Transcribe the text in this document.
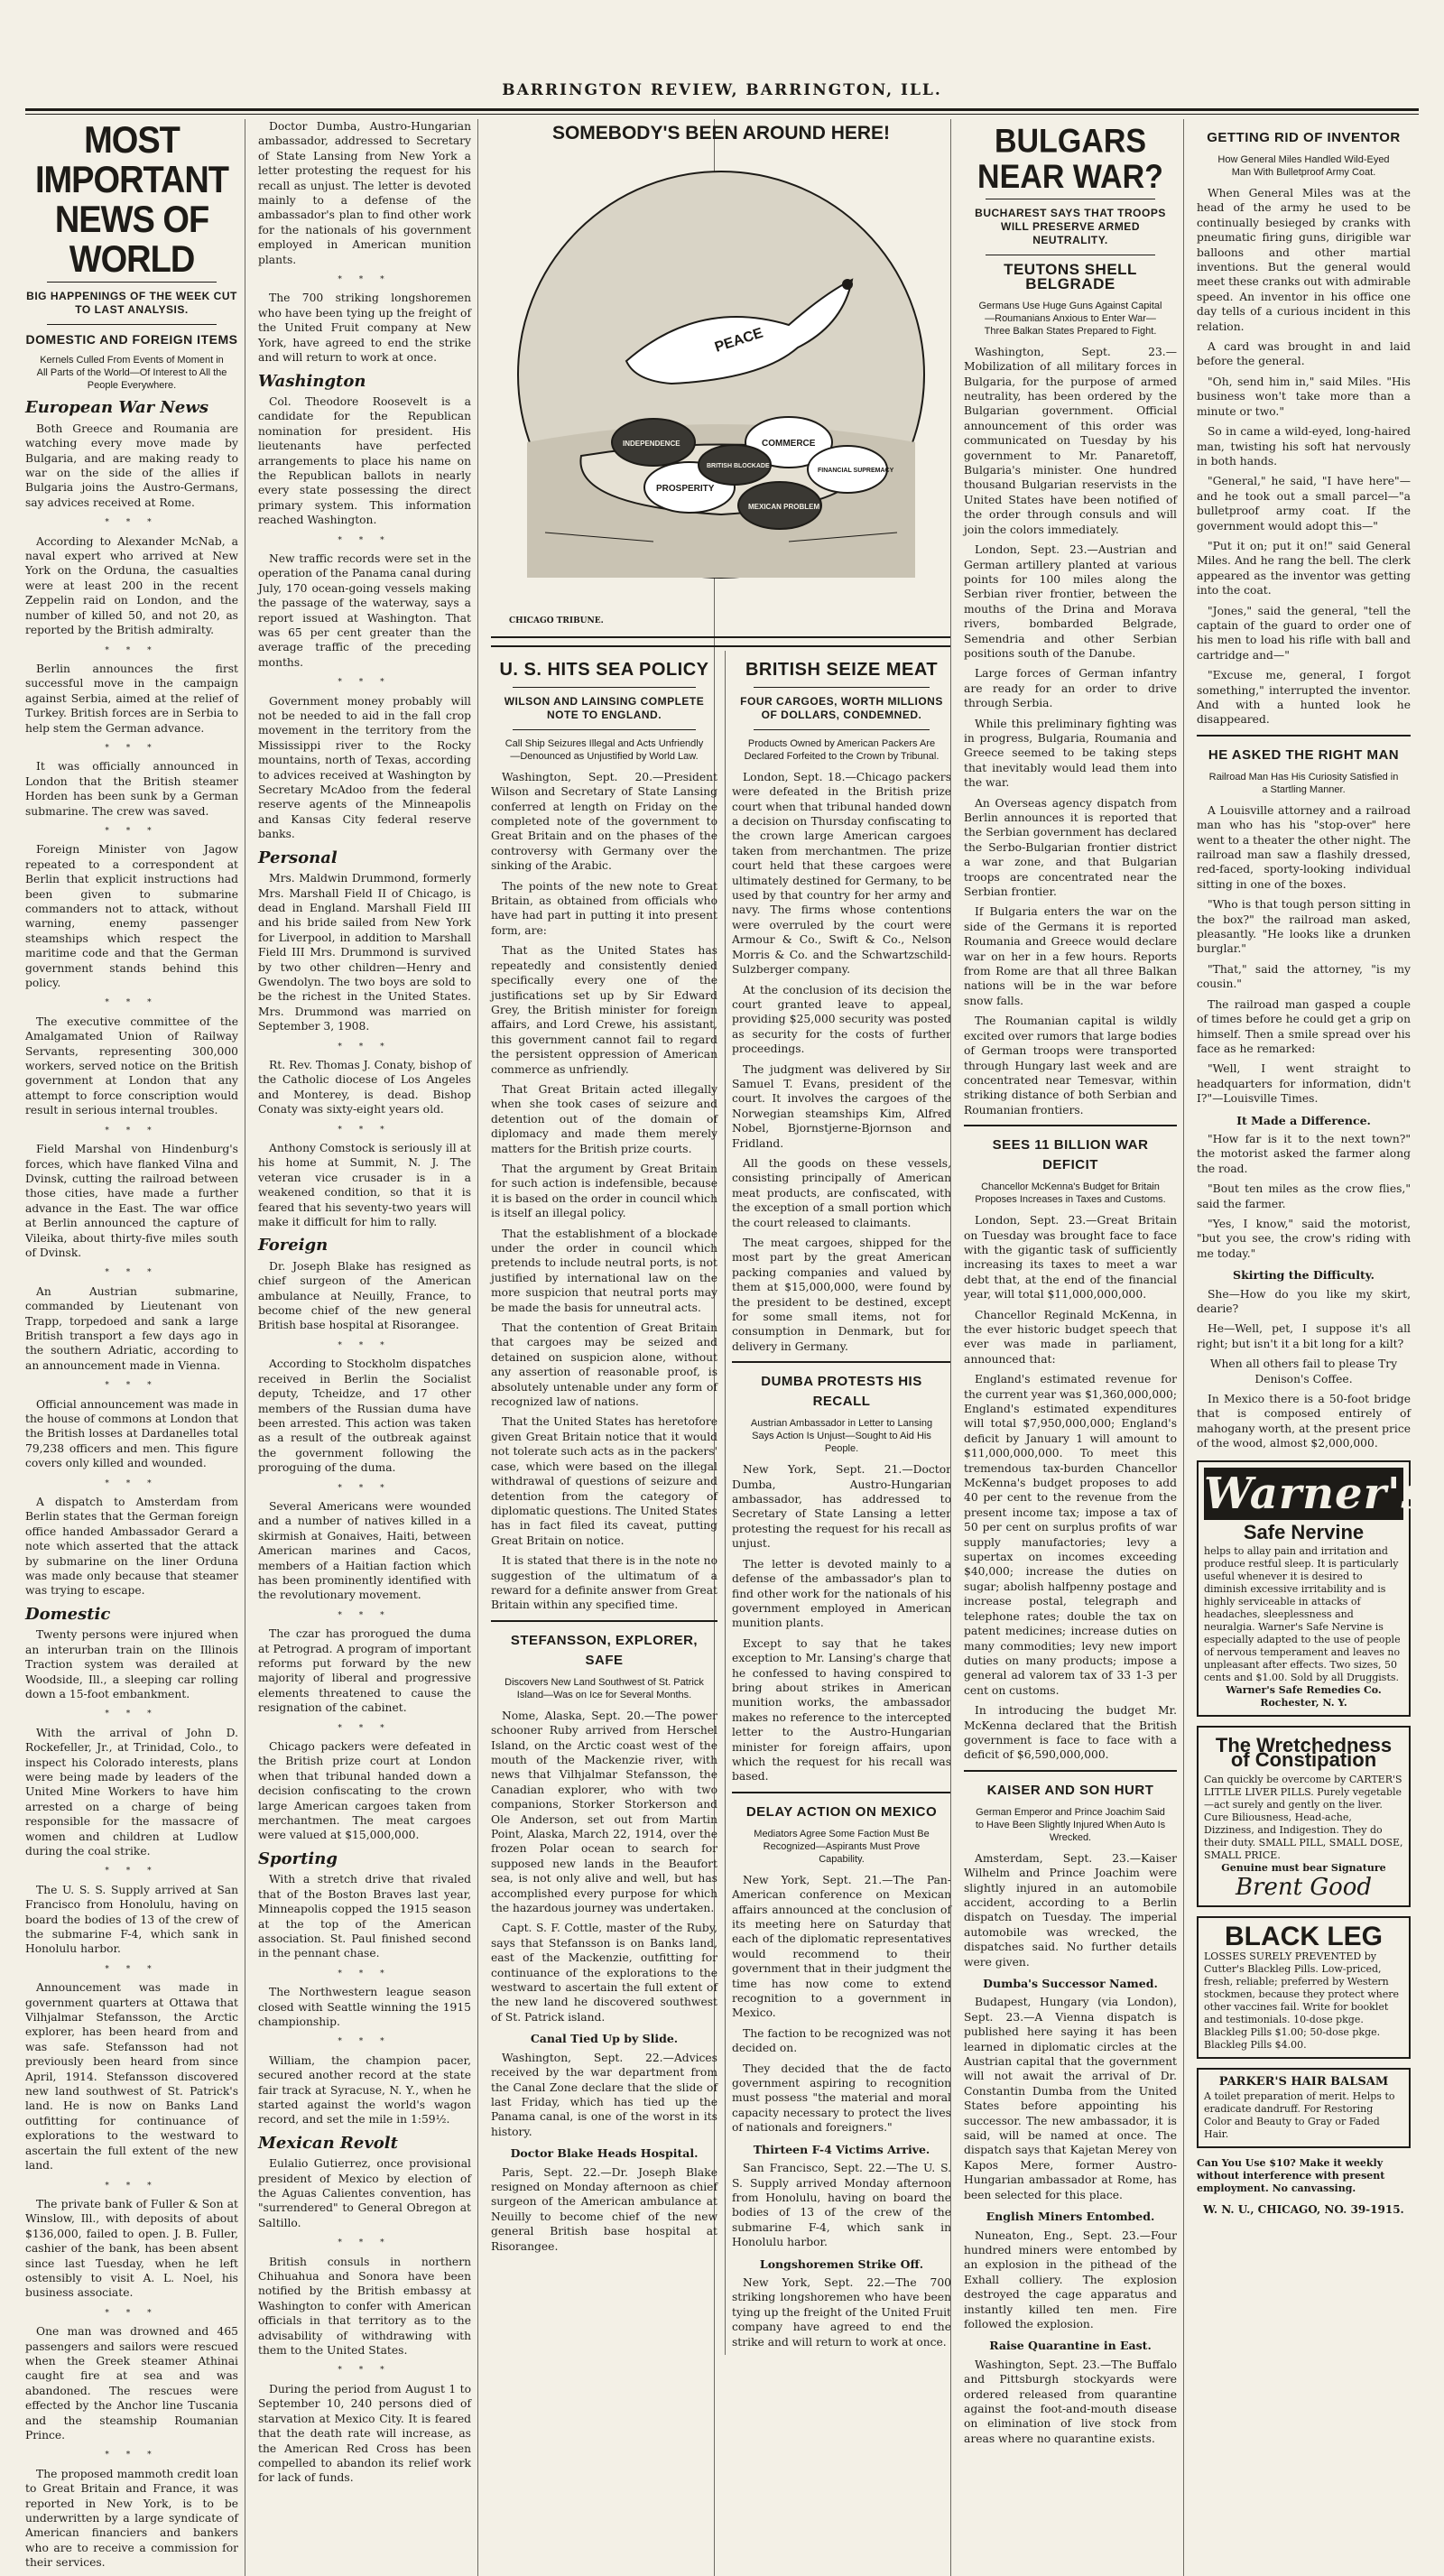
BARRINGTON REVIEW, BARRINGTON, ILL.
MOST IMPORTANT NEWS OF WORLD
BIG HAPPENINGS OF THE WEEK CUT TO LAST ANALYSIS.
DOMESTIC AND FOREIGN ITEMS
Kernels Culled From Events of Moment in All Parts of the World—Of Interest to All the People Everywhere.
European War News

Both Greece and Roumania are watching every move made by Bulgaria, and are making ready to war on the side of the allies if Bulgaria joins the Austro-Germans, say advices received at Rome.

* * *

According to Alexander McNab, a naval expert who arrived at New York on the Orduna, the casualties were at least 200 in the recent Zeppelin raid on London, and the number of killed 50, and not 20, as reported by the British admiralty.

* * *

Berlin announces the first successful move in the campaign against Serbia, aimed at the relief of Turkey. British forces are in Serbia to help stem the German advance.

* * *

It was officially announced in London that the British steamer Horden has been sunk by a German submarine. The crew was saved.

* * *

Foreign Minister von Jagow repeated to a correspondent at Berlin that explicit instructions had been given to submarine commanders not to attack, without warning, enemy passenger steamships which respect the maritime code and that the German government stands behind this policy.

* * *

The executive committee of the Amalgamated Union of Railway Servants, representing 300,000 workers, served notice on the British government at London that any attempt to force conscription would result in serious internal troubles.

* * *

Field Marshal von Hindenburg's forces, which have flanked Vilna and Dvinsk, cutting the railroad between those cities, have made a further advance in the East. The war office at Berlin announced the capture of Vileika, about thirty-five miles south of Dvinsk.

* * *

An Austrian submarine, commanded by Lieutenant von Trapp, torpedoed and sank a large British transport a few days ago in the southern Adriatic, according to an announcement made in Vienna.

* * *

Official announcement was made in the house of commons at London that the British losses at Dardanelles total 79,238 officers and men. This figure covers only killed and wounded.

* * *

A dispatch to Amsterdam from Berlin states that the German foreign office handed Ambassador Gerard a note which asserted that the attack by submarine on the liner Orduna was made only because that steamer was trying to escape.

Domestic

Twenty persons were injured when an interurban train on the Illinois Traction system was derailed at Woodside, Ill., a sleeping car rolling down a 15-foot embankment.

* * *

With the arrival of John D. Rockefeller, Jr., at Trinidad, Colo., to inspect his Colorado interests, plans were being made by leaders of the United Mine Workers to have him arrested on a charge of being responsible for the massacre of women and children at Ludlow during the coal strike.

* * *

The U. S. S. Supply arrived at San Francisco from Honolulu, having on board the bodies of 13 of the crew of the submarine F-4, which sank in Honolulu harbor.

* * *

Announcement was made in government quarters at Ottawa that Vilhjalmar Stefansson, the Arctic explorer, has been heard from and was safe. Stefansson had not previously been heard from since April, 1914. Stefansson discovered new land southwest of St. Patrick's land. He is now on Banks Land outfitting for continuance of explorations to the westward to ascertain the full extent of the new land.

* * *

The private bank of Fuller & Son at Winslow, Ill., with deposits of about $136,000, failed to open. J. B. Fuller, cashier of the bank, has been absent since last Tuesday, when he left ostensibly to visit A. L. Noel, his business associate.

* * *

One man was drowned and 465 passengers and sailors were rescued when the Greek steamer Athinai caught fire at sea and was abandoned. The rescues were effected by the Anchor line Tuscania and the steamship Roumanian Prince.

* * *

The proposed mammoth credit loan to Great Britain and France, it was reported in New York, is to be underwritten by a large syndicate of American financiers and bankers who are to receive a commission for their services.

Doctor Dumba, Austro-Hungarian ambassador, addressed to Secretary of State Lansing from New York a letter protesting the request for his recall as unjust. The letter is devoted mainly to a defense of the ambassador's plan to find other work for the nationals of his government employed in American munition plants.

* * *

The 700 striking longshoremen who have been tying up the freight of the United Fruit company at New York, have agreed to end the strike and will return to work at once.

Washington

Col. Theodore Roosevelt is a candidate for the Republican nomination for president. His lieutenants have perfected arrangements to place his name on the Republican ballots in nearly every state possessing the direct primary system. This information reached Washington.

* * *

New traffic records were set in the operation of the Panama canal during July, 170 ocean-going vessels making the passage of the waterway, says a report issued at Washington. That was 65 per cent greater than the average traffic of the preceding months.

* * *

Government money probably will not be needed to aid in the fall crop movement in the territory from the Mississippi river to the Rocky mountains, north of Texas, according to advices received at Washington by Secretary McAdoo from the federal reserve agents of the Minneapolis and Kansas City federal reserve banks.

Personal

Mrs. Maldwin Drummond, formerly Mrs. Marshall Field II of Chicago, is dead in England. Marshall Field III and his bride sailed from New York for Liverpool, in addition to Marshall Field III Mrs. Drummond is survived by two other children—Henry and Gwendolyn. The two boys are sold to be the richest in the United States. Mrs. Drummond was married on September 3, 1908.

* * *

Rt. Rev. Thomas J. Conaty, bishop of the Catholic diocese of Los Angeles and Monterey, is dead. Bishop Conaty was sixty-eight years old.

* * *

Anthony Comstock is seriously ill at his home at Summit, N. J. The veteran vice crusader is in a weakened condition, so that it is feared that his seventy-two years will make it difficult for him to rally.

Foreign

Dr. Joseph Blake has resigned as chief surgeon of the American ambulance at Neuilly, France, to become chief of the new general British base hospital at Risorangee.

* * *

According to Stockholm dispatches received in Berlin the Socialist deputy, Tcheidze, and 17 other members of the Russian duma have been arrested. This action was taken as a result of the outbreak against the government following the proroguing of the duma.

* * *

Several Americans were wounded and a number of natives killed in a skirmish at Gonaives, Haiti, between American marines and Cacos, members of a Haitian faction which has been prominently identified with the revolutionary movement.

* * *

The czar has prorogued the duma at Petrograd. A program of important reforms put forward by the new majority of liberal and progressive elements threatened to cause the resignation of the cabinet.

* * *

Chicago packers were defeated in the British prize court at London when that tribunal handed down a decision confiscating to the crown large American cargoes taken from merchantmen. The meat cargoes were valued at $15,000,000.

Sporting

With a stretch drive that rivaled that of the Boston Braves last year, Minneapolis copped the 1915 season at the top of the American association. St. Paul finished second in the pennant chase.

* * *

The Northwestern league season closed with Seattle winning the 1915 championship.

* * *

William, the champion pacer, secured another record at the state fair track at Syracuse, N. Y., when he started against the world's wagon record, and set the mile in 1:59½.

Mexican Revolt

Eulalio Gutierrez, once provisional president of Mexico by election of the Aguas Calientes convention, has "surrendered" to General Obregon at Saltillo.

* * *

British consuls in northern Chihuahua and Sonora have been notified by the British embassy at Washington to confer with American officials in that territory as to the advisability of withdrawing with them to the United States.

* * *

During the period from August 1 to September 10, 240 persons died of starvation at Mexico City. It is feared that the death rate will increase, as the American Red Cross has been compelled to abandon its relief work for lack of funds.

SOMEBODY'S BEEN AROUND HERE!
PEACE
COMMERCE
FINANCIAL SUPREMACY
PROSPERITY
INDEPENDENCE
MEXICAN PROBLEM
BRITISH BLOCKADE
CHICAGO TRIBUNE.
U. S. HITS SEA POLICY
WILSON AND LAINSING COMPLETE NOTE TO ENGLAND.
Call Ship Seizures Illegal and Acts Unfriendly—Denounced as Unjustified by World Law.

Washington, Sept. 20.—President Wilson and Secretary of State Lansing conferred at length on Friday on the completed note of the government to Great Britain and on the phases of the controversy with Germany over the sinking of the Arabic.

The points of the new note to Great Britain, as obtained from officials who have had part in putting it into present form, are:

That as the United States has repeatedly and consistently denied specifically every one of the justifications set up by Sir Edward Grey, the British minister for foreign affairs, and Lord Crewe, his assistant, this government cannot fail to regard the persistent oppression of American commerce as unfriendly.

That Great Britain acted illegally when she took cases of seizure and detention out of the domain of diplomacy and made them merely matters for the British prize courts.

That the argument by Great Britain for such action is indefensible, because it is based on the order in council which is itself an illegal policy.

That the establishment of a blockade under the order in council which pretends to include neutral ports, is not justified by international law on the more suspicion that neutral ports may be made the basis for unneutral acts.

That the contention of Great Britain that cargoes may be seized and detained on suspicion alone, without any assertion of reasonable proof, is absolutely untenable under any form of recognized law of nations.

That the United States has heretofore given Great Britain notice that it would not tolerate such acts as in the packers' case, which were based on the illegal withdrawal of questions of seizure and detention from the category of diplomatic questions. The United States has in fact filed its caveat, putting Great Britain on notice.

It is stated that there is in the note no suggestion of the ultimatum of a reward for a definite answer from Great Britain within any specified time.

STEFANSSON, EXPLORER, SAFE
Discovers New Land Southwest of St. Patrick Island—Was on Ice for Several Months.

Nome, Alaska, Sept. 20.—The power schooner Ruby arrived from Herschel Island, on the Arctic coast west of the mouth of the Mackenzie river, with news that Vilhjalmar Stefansson, the Canadian explorer, who with two companions, Storker Storkerson and Ole Anderson, set out from Martin Point, Alaska, March 22, 1914, over the frozen Polar ocean to search for supposed new lands in the Beaufort sea, is not only alive and well, but has accomplished every purpose for which the hazardous journey was undertaken.

Capt. S. F. Cottle, master of the Ruby, says that Stefansson is on Banks land, east of the Mackenzie, outfitting for continuance of the explorations to the westward to ascertain the full extent of the new land he discovered southwest of St. Patrick island.

Canal Tied Up by Slide.

Washington, Sept. 22.—Advices received by the war department from the Canal Zone declare that the slide of last Friday, which has tied up the Panama canal, is one of the worst in its history.

Doctor Blake Heads Hospital.

Paris, Sept. 22.—Dr. Joseph Blake resigned on Monday afternoon as chief surgeon of the American ambulance at Neuilly to become chief of the new general British base hospital at Risorangee.

BRITISH SEIZE MEAT
FOUR CARGOES, WORTH MILLIONS OF DOLLARS, CONDEMNED.
Products Owned by American Packers Are Declared Forfeited to the Crown by Tribunal.

London, Sept. 18.—Chicago packers were defeated in the British prize court when that tribunal handed down a decision on Thursday confiscating to the crown large American cargoes taken from merchantmen. The prize court held that these cargoes were ultimately destined for Germany, to be used by that country for her army and navy. The firms whose contentions were overruled by the court were Armour & Co., Swift & Co., Nelson Morris & Co. and the Schwartzschild-Sulzberger company.

At the conclusion of its decision the court granted leave to appeal, providing $25,000 security was posted as security for the costs of further proceedings.

The judgment was delivered by Sir Samuel T. Evans, president of the court. It involves the cargoes of the Norwegian steamships Kim, Alfred Nobel, Bjornstjerne-Bjornson and Fridland.

All the goods on these vessels, consisting principally of American meat products, are confiscated, with the exception of a small portion which the court released to claimants.

The meat cargoes, shipped for the most part by the great American packing companies and valued by them at $15,000,000, were found by the president to be destined, except for some small items, not for consumption in Denmark, but for delivery in Germany.

DUMBA PROTESTS HIS RECALL
Austrian Ambassador in Letter to Lansing Says Action Is Unjust—Sought to Aid His People.

New York, Sept. 21.—Doctor Dumba, Austro-Hungarian ambassador, has addressed to Secretary of State Lansing a letter protesting the request for his recall as unjust.

The letter is devoted mainly to a defense of the ambassador's plan to find other work for the nationals of his government employed in American munition plants.

Except to say that he takes exception to Mr. Lansing's charge that he confessed to having conspired to bring about strikes in American munition works, the ambassador makes no reference to the intercepted letter to the Austro-Hungarian minister for foreign affairs, upon which the request for his recall was based.

DELAY ACTION ON MEXICO
Mediators Agree Some Faction Must Be Recognized—Aspirants Must Prove Capability.

New York, Sept. 21.—The Pan-American conference on Mexican affairs announced at the conclusion of its meeting here on Saturday that each of the diplomatic representatives would recommend to their government that in their judgment the time has now come to extend recognition to a government in Mexico.

The faction to be recognized was not decided on.

They decided that the de facto government aspiring to recognition must possess "the material and moral capacity necessary to protect the lives of nationals and foreigners."

Thirteen F-4 Victims Arrive.

San Francisco, Sept. 22.—The U. S. S. Supply arrived Monday afternoon from Honolulu, having on board the bodies of 13 of the crew of the submarine F-4, which sank in Honolulu harbor.

Longshoremen Strike Off.

New York, Sept. 22.—The 700 striking longshoremen who have been tying up the freight of the United Fruit company have agreed to end the strike and will return to work at once.

BULGARS NEAR WAR?
BUCHAREST SAYS THAT TROOPS WILL PRESERVE ARMED NEUTRALITY.
TEUTONS SHELL BELGRADE
Germans Use Huge Guns Against Capital—Roumanians Anxious to Enter War—Three Balkan States Prepared to Fight.

Washington, Sept. 23.—Mobilization of all military forces in Bulgaria, for the purpose of armed neutrality, has been ordered by the Bulgarian government. Official announcement of this order was communicated on Tuesday by his government to Mr. Panaretoff, Bulgaria's minister. One hundred thousand Bulgarian reservists in the United States have been notified of the order through consuls and will join the colors immediately.

London, Sept. 23.—Austrian and German artillery planted at various points for 100 miles along the Serbian river frontier, between the mouths of the Drina and Morava rivers, bombarded Belgrade, Semendria and other Serbian positions south of the Danube.

Large forces of German infantry are ready for an order to drive through Serbia.

While this preliminary fighting was in progress, Bulgaria, Roumania and Greece seemed to be taking steps that inevitably would lead them into the war.

An Overseas agency dispatch from Berlin announces it is reported that the Serbian government has declared the Serbo-Bulgarian frontier district a war zone, and that Bulgarian troops are concentrated near the Serbian frontier.

If Bulgaria enters the war on the side of the Germans it is reported Roumania and Greece would declare war on her in a few hours. Reports from Rome are that all three Balkan nations will be in the war before snow falls.

The Roumanian capital is wildly excited over rumors that large bodies of German troops were transported through Hungary last week and are concentrated near Temesvar, within striking distance of both Serbian and Roumanian frontiers.

SEES 11 BILLION WAR DEFICIT
Chancellor McKenna's Budget for Britain Proposes Increases in Taxes and Customs.

London, Sept. 23.—Great Britain on Tuesday was brought face to face with the gigantic task of sufficiently increasing its taxes to meet a war debt that, at the end of the financial year, will total $11,000,000,000.

Chancellor Reginald McKenna, in the ever historic budget speech that ever was made in parliament, announced that:

England's estimated revenue for the current year was $1,360,000,000; England's estimated expenditures will total $7,950,000,000; England's deficit by January 1 will amount to $11,000,000,000. To meet this tremendous tax-burden Chancellor McKenna's budget proposes to add 40 per cent to the revenue from the present income tax; impose a tax of 50 per cent on surplus profits of war supply manufactories; levy a supertax on incomes exceeding $40,000; increase the duties on sugar; abolish halfpenny postage and increase postal, telegraph and telephone rates; double the tax on patent medicines; increase duties on many commodities; levy new import duties on many products; impose a general ad valorem tax of 33 1-3 per cent on customs.

In introducing the budget Mr. McKenna declared that the British government is face to face with a deficit of $6,590,000,000.

KAISER AND SON HURT
German Emperor and Prince Joachim Said to Have Been Slightly Injured When Auto Is Wrecked.

Amsterdam, Sept. 23.—Kaiser Wilhelm and Prince Joachim were slightly injured in an automobile accident, according to a Berlin dispatch on Tuesday. The imperial automobile was wrecked, the dispatches said. No further details were given.

Dumba's Successor Named.

Budapest, Hungary (via London), Sept. 23.—A Vienna dispatch is published here saying it has been learned in diplomatic circles at the Austrian capital that the government will not await the arrival of Dr. Constantin Dumba from the United States before appointing his successor. The new ambassador, it is said, will be named at once. The dispatch says that Kajetan Merey von Kapos Mere, former Austro-Hungarian ambassador at Rome, has been selected for this place.

English Miners Entombed.

Nuneaton, Eng., Sept. 23.—Four hundred miners were entombed by an explosion in the pithead of the Exhall colliery. The explosion destroyed the cage apparatus and instantly killed ten men. Fire followed the explosion.

Raise Quarantine in East.

Washington, Sept. 23.—The Buffalo and Pittsburgh stockyards were ordered released from quarantine against the foot-and-mouth disease on elimination of live stock from areas where no quarantine exists.

GETTING RID OF INVENTOR
How General Miles Handled Wild-Eyed Man With Bulletproof Army Coat.

When General Miles was at the head of the army he used to be continually besieged by cranks with pneumatic firing guns, dirigible war balloons and other martial inventions. But the general would meet these cranks out with admirable speed. An inventor in his office one day tells of a curious incident in this relation.

A card was brought in and laid before the general.

"Oh, send him in," said Miles. "His business won't take more than a minute or two."

So in came a wild-eyed, long-haired man, twisting his soft hat nervously in both hands.

"General," he said, "I have here"—and he took out a small parcel—"a bulletproof army coat. If the government would adopt this—"

"Put it on; put it on!" said General Miles. And he rang the bell. The clerk appeared as the inventor was getting into the coat.

"Jones," said the general, "tell the captain of the guard to order one of his men to load his rifle with ball and cartridge and—"

"Excuse me, general, I forgot something," interrupted the inventor. And with a hunted look he disappeared.

HE ASKED THE RIGHT MAN
Railroad Man Has His Curiosity Satisfied in a Startling Manner.

A Louisville attorney and a railroad man who has his "stop-over" here went to a theater the other night. The railroad man saw a flashily dressed, red-faced, sporty-looking individual sitting in one of the boxes.

"Who is that tough person sitting in the box?" the railroad man asked, pleasantly. "He looks like a drunken burglar."

"That," said the attorney, "is my cousin."

The railroad man gasped a couple of times before he could get a grip on himself. Then a smile spread over his face as he remarked:

"Well, I went straight to headquarters for information, didn't I?"—Louisville Times.

It Made a Difference.

"How far is it to the next town?" the motorist asked the farmer along the road.

"Bout ten miles as the crow flies," said the farmer.

"Yes, I know," said the motorist, "but you see, the crow's riding with me today."

Skirting the Difficulty.

She—How do you like my skirt, dearie?

He—Well, pet, I suppose it's all right; but isn't it a bit long for a kilt?

When all others fail to please Try Denison's Coffee.

In Mexico there is a 50-foot bridge that is composed entirely of mahogany worth, at the present price of the wood, almost $2,000,000.

Warner's
Safe Nervine
helps to allay pain and irritation and produce restful sleep. It is particularly useful whenever it is desired to diminish excessive irritability and is highly serviceable in attacks of headaches, sleeplessness and neuralgia. Warner's Safe Nervine is especially adapted to the use of people of nervous temperament and leaves no unpleasant after effects. Two sizes, 50 cents and $1.00. Sold by all Druggists.
Warner's Safe Remedies Co. Rochester, N. Y.
The Wretchedness of Constipation
Can quickly be overcome by CARTER'S LITTLE LIVER PILLS. Purely vegetable—act surely and gently on the liver. Cure Biliousness, Head-ache, Dizziness, and Indigestion. They do their duty. SMALL PILL, SMALL DOSE, SMALL PRICE.
Genuine must bear Signature
Brent Good
BLACK LEG
LOSSES SURELY PREVENTED by Cutter's Blackleg Pills. Low-priced, fresh, reliable; preferred by Western stockmen, because they protect where other vaccines fail. Write for booklet and testimonials. 10-dose pkge. Blackleg Pills $1.00; 50-dose pkge. Blackleg Pills $4.00.
PARKER'S HAIR BALSAM
A toilet preparation of merit. Helps to eradicate dandruff. For Restoring Color and Beauty to Gray or Faded Hair.
Can You Use $10? Make it weekly without interference with present employment. No canvassing.
W. N. U., CHICAGO, NO. 39-1915.
